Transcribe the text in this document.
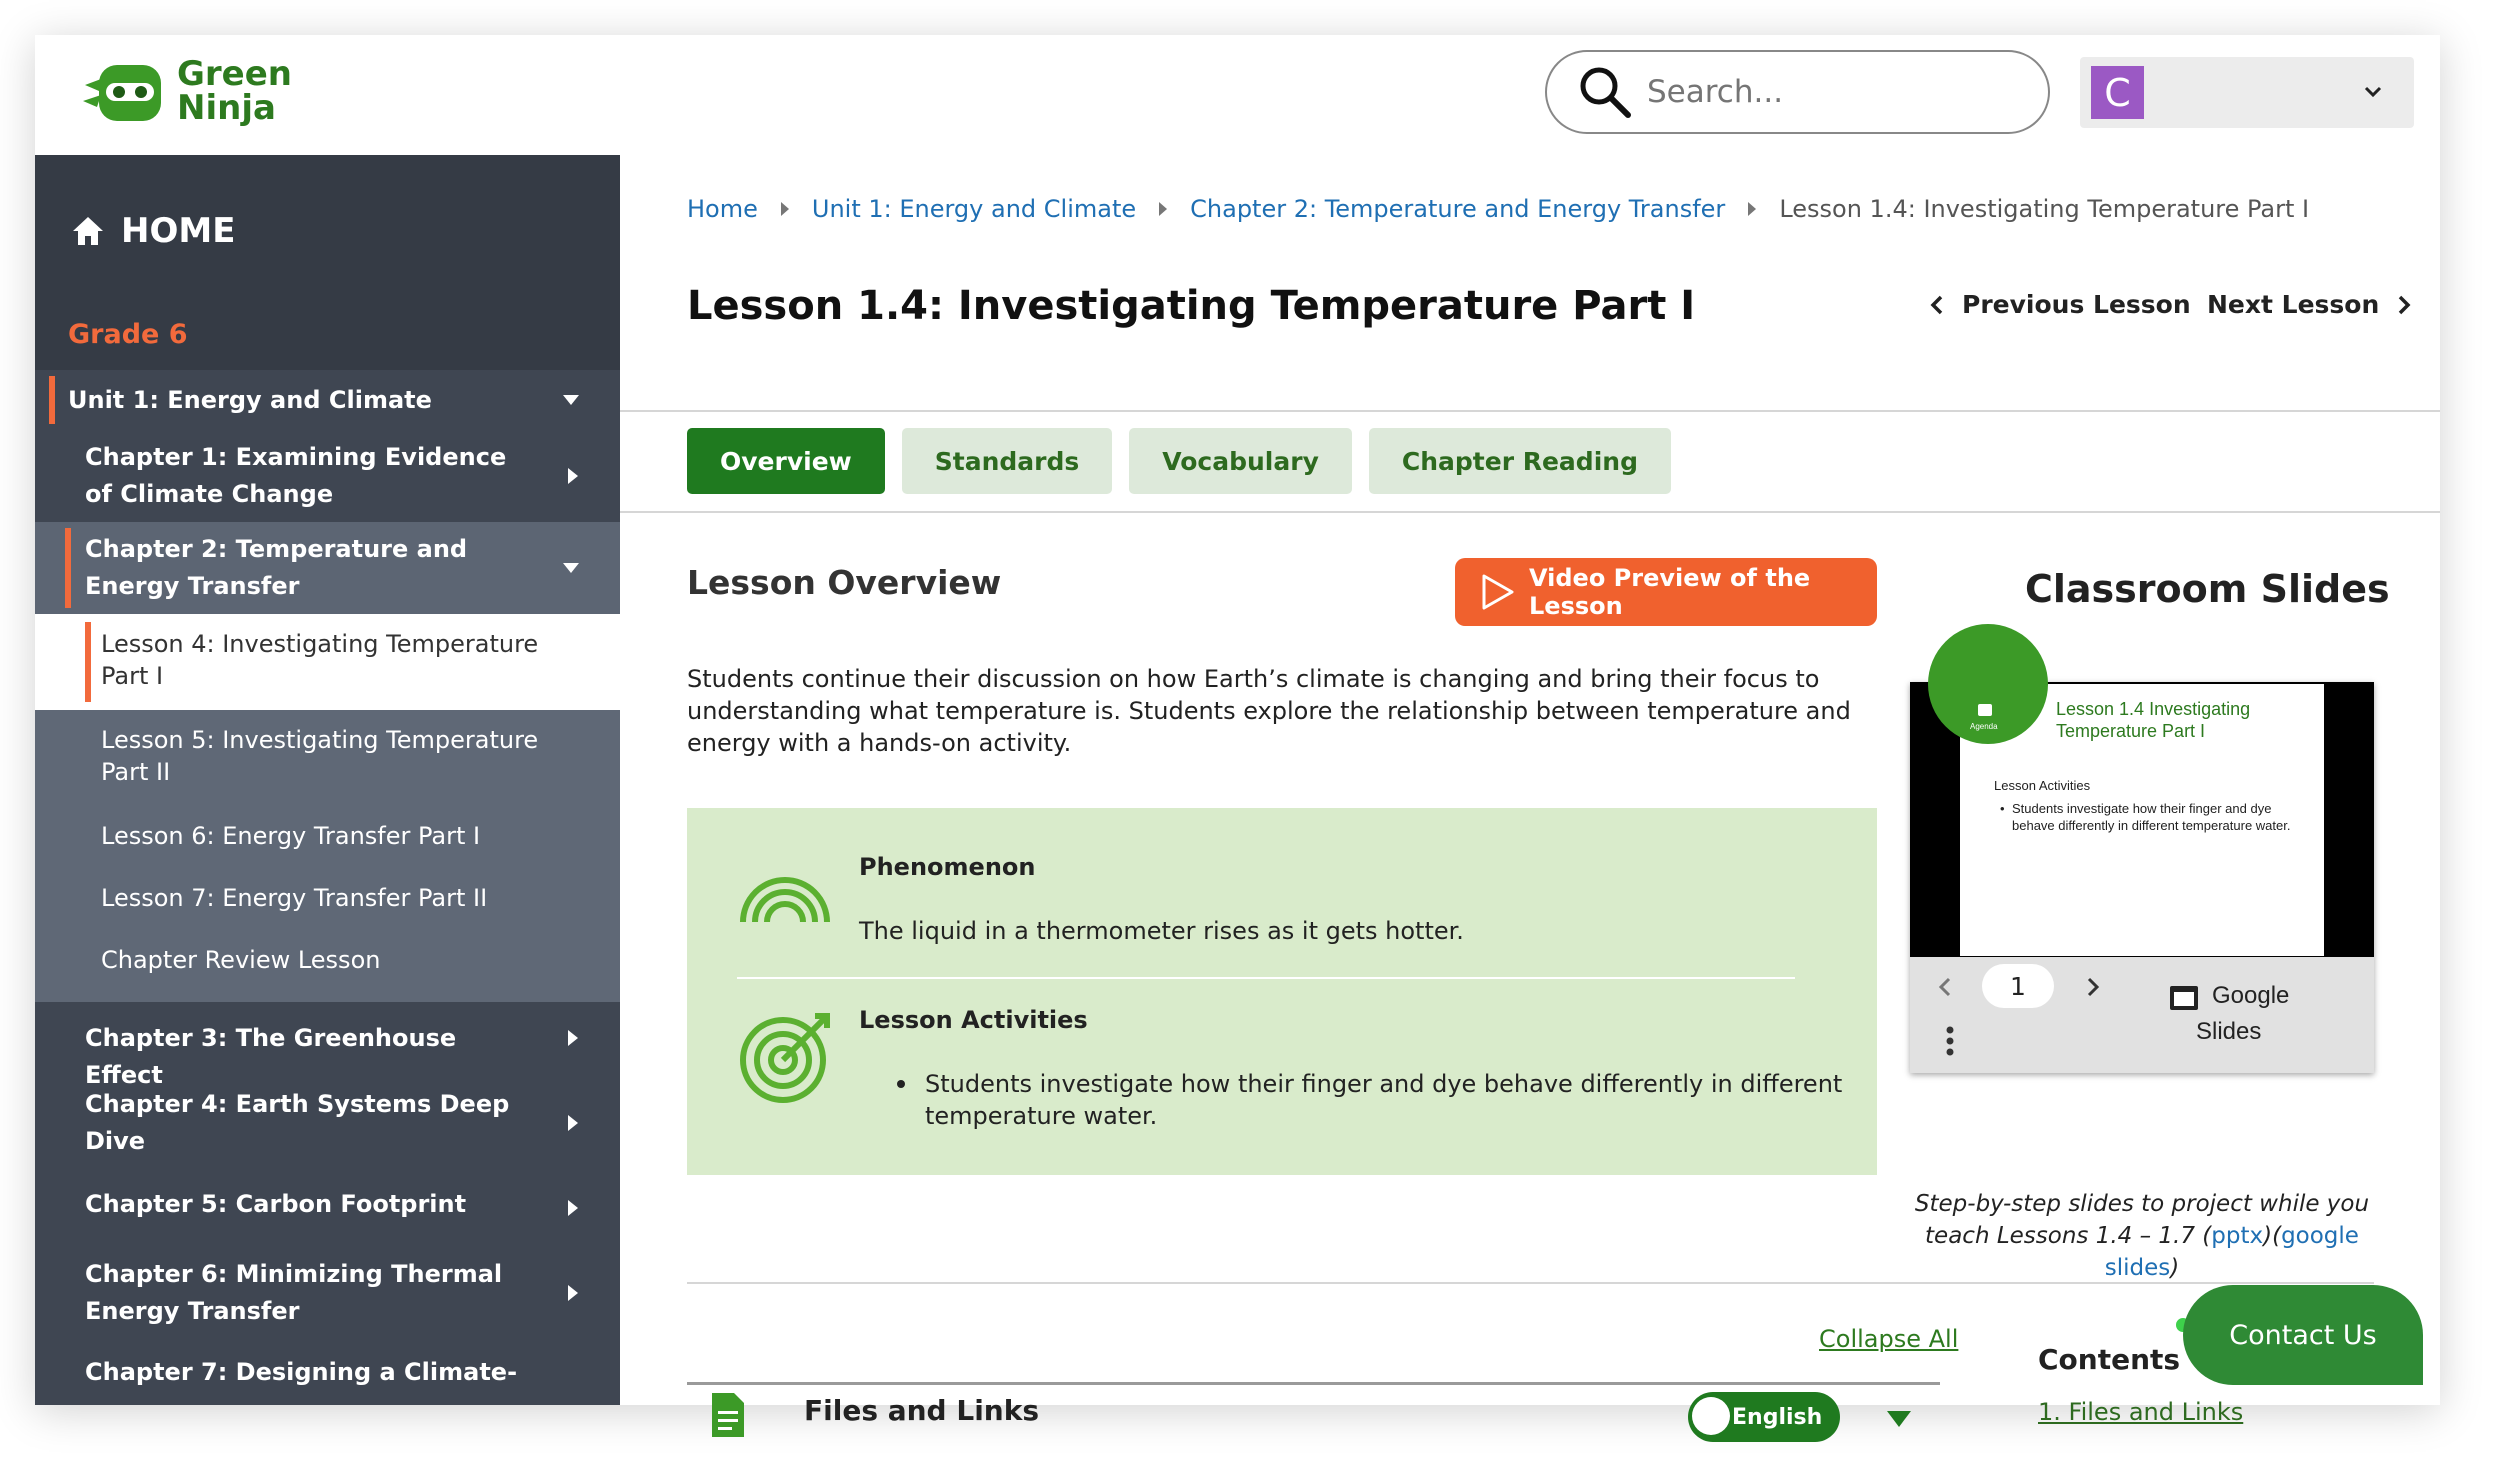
Green
Ninja
Search...	C
HOME
Grade 6
Unit 1: Energy and Climate
Chapter 1: Examining Evidence of Climate Change
Chapter 2: Temperature and Energy Transfer
Lesson 4: Investigating Temperature Part I
Lesson 5: Investigating Temperature Part II
Lesson 6: Energy Transfer Part I
Lesson 7: Energy Transfer Part II
Chapter Review Lesson
Chapter 3: The Greenhouse Effect
Chapter 4: Earth Systems Deep Dive
Chapter 5: Carbon Footprint
Chapter 6: Minimizing Thermal Energy Transfer
Chapter 7: Designing a Climate-
Home Unit 1: Energy and Climate Chapter 2: Temperature and Energy Transfer Lesson 1.4: Investigating Temperature Part I
Lesson 1.4: Investigating Temperature Part I	Previous Lesson Next Lesson
Overview	Standards	Vocabulary	Chapter Reading
Lesson Overview	Video Preview of the Lesson

Students continue their discussion on how Earth’s climate is changing and bring their focus to understanding what temperature is. Students explore the relationship between temperature and energy with a hands-on activity.

Phenomenon
The liquid in a thermometer rises as it gets hotter.
Lesson Activities
Students investigate how their finger and dye behave differently in different temperature water.
Classroom Slides
Agenda
Lesson 1.4 Investigating
Temperature Part I
Lesson Activities
• Students investigate how their finger and dye behave differently in different temperature water.
1	Google
Slides

Step-by-step slides to project while you teach Lessons 1.4 – 1.7 (pptx)(google slides)

Collapse All
Files and Links	English
Contents
1. Files and Links
Contact Us
